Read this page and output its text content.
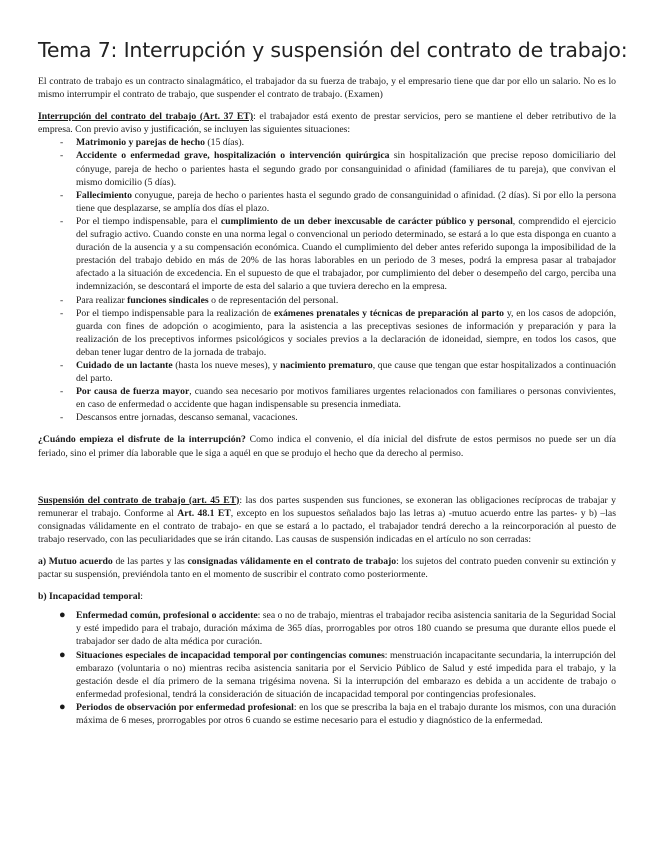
Tema 7: Interrupción y suspensión del contrato de trabajo:

El contrato de trabajo es un contracto sinalagmático, el trabajador da su fuerza de trabajo, y el empresario tiene que dar por ello un salario. No es lo mismo interrumpir el contrato de trabajo, que suspender el contrato de trabajo. (Examen)

Interrupción del contrato del trabajo (Art. 37 ET): el trabajador está exento de prestar servicios, pero se mantiene el deber retributivo de la empresa. Con previo aviso y justificación, se incluyen las siguientes situaciones:

- Matrimonio y parejas de hecho (15 días).
- Accidente o enfermedad grave, hospitalización o intervención quirúrgica sin hospitalización que precise reposo domiciliario del cónyuge, pareja de hecho o parientes hasta el segundo grado por consanguinidad o afinidad (familiares de tu pareja), que convivan el mismo domicilio (5 días).
- Fallecimiento conyugue, pareja de hecho o parientes hasta el segundo grado de consanguinidad o afinidad. (2 días). Si por ello la persona tiene que desplazarse, se amplía dos días el plazo.
- Por el tiempo indispensable, para el cumplimiento de un deber inexcusable de carácter público y personal, comprendido el ejercicio del sufragio activo. Cuando conste en una norma legal o convencional un periodo determinado, se estará a lo que esta disponga en cuanto a duración de la ausencia y a su compensación económica. Cuando el cumplimiento del deber antes referido suponga la imposibilidad de la prestación del trabajo debido en más de 20% de las horas laborables en un periodo de 3 meses, podrá la empresa pasar al trabajador afectado a la situación de excedencia. En el supuesto de que el trabajador, por cumplimiento del deber o desempeño del cargo, perciba una indemnización, se descontará el importe de esta del salario a que tuviera derecho en la empresa.
- Para realizar funciones sindicales o de representación del personal.
- Por el tiempo indispensable para la realización de exámenes prenatales y técnicas de preparación al parto y, en los casos de adopción, guarda con fines de adopción o acogimiento, para la asistencia a las preceptivas sesiones de información y preparación y para la realización de los preceptivos informes psicológicos y sociales previos a la declaración de idoneidad, siempre, en todos los casos, que deban tener lugar dentro de la jornada de trabajo.
- Cuidado de un lactante (hasta los nueve meses), y nacimiento prematuro, que cause que tengan que estar hospitalizados a continuación del parto.
- Por causa de fuerza mayor, cuando sea necesario por motivos familiares urgentes relacionados con familiares o personas convivientes, en caso de enfermedad o accidente que hagan indispensable su presencia inmediata.
- Descansos entre jornadas, descanso semanal, vacaciones.

¿Cuándo empieza el disfrute de la interrupción? Como indica el convenio, el día inicial del disfrute de estos permisos no puede ser un día feriado, sino el primer día laborable que le siga a aquél en que se produjo el hecho que da derecho al permiso.

Suspensión del contrato de trabajo (art. 45 ET): las dos partes suspenden sus funciones, se exoneran las obligaciones recíprocas de trabajar y remunerar el trabajo. Conforme al Art. 48.1 ET, excepto en los supuestos señalados bajo las letras a) -mutuo acuerdo entre las partes- y b) –las consignadas válidamente en el contrato de trabajo- en que se estará a lo pactado, el trabajador tendrá derecho a la reincorporación al puesto de trabajo reservado, con las peculiaridades que se irán citando. Las causas de suspensión indicadas en el artículo no son cerradas:

a) Mutuo acuerdo de las partes y las consignadas válidamente en el contrato de trabajo: los sujetos del contrato pueden convenir su extinción y pactar su suspensión, previéndola tanto en el momento de suscribir el contrato como posteriormente.

b) Incapacidad temporal:

● Enfermedad común, profesional o accidente: sea o no de trabajo, mientras el trabajador reciba asistencia sanitaria de la Seguridad Social y esté impedido para el trabajo, duración máxima de 365 días, prorrogables por otros 180 cuando se presuma que durante ellos puede el trabajador ser dado de alta médica por curación.
● Situaciones especiales de incapacidad temporal por contingencias comunes: menstruación incapacitante secundaria, la interrupción del embarazo (voluntaria o no) mientras reciba asistencia sanitaria por el Servicio Público de Salud y esté impedida para el trabajo, y la gestación desde el día primero de la semana trigésima novena. Si la interrupción del embarazo es debida a un accidente de trabajo o enfermedad profesional, tendrá la consideración de situación de incapacidad temporal por contingencias profesionales.
● Periodos de observación por enfermedad profesional: en los que se prescriba la baja en el trabajo durante los mismos, con una duración máxima de 6 meses, prorrogables por otros 6 cuando se estime necesario para el estudio y diagnóstico de la enfermedad.
